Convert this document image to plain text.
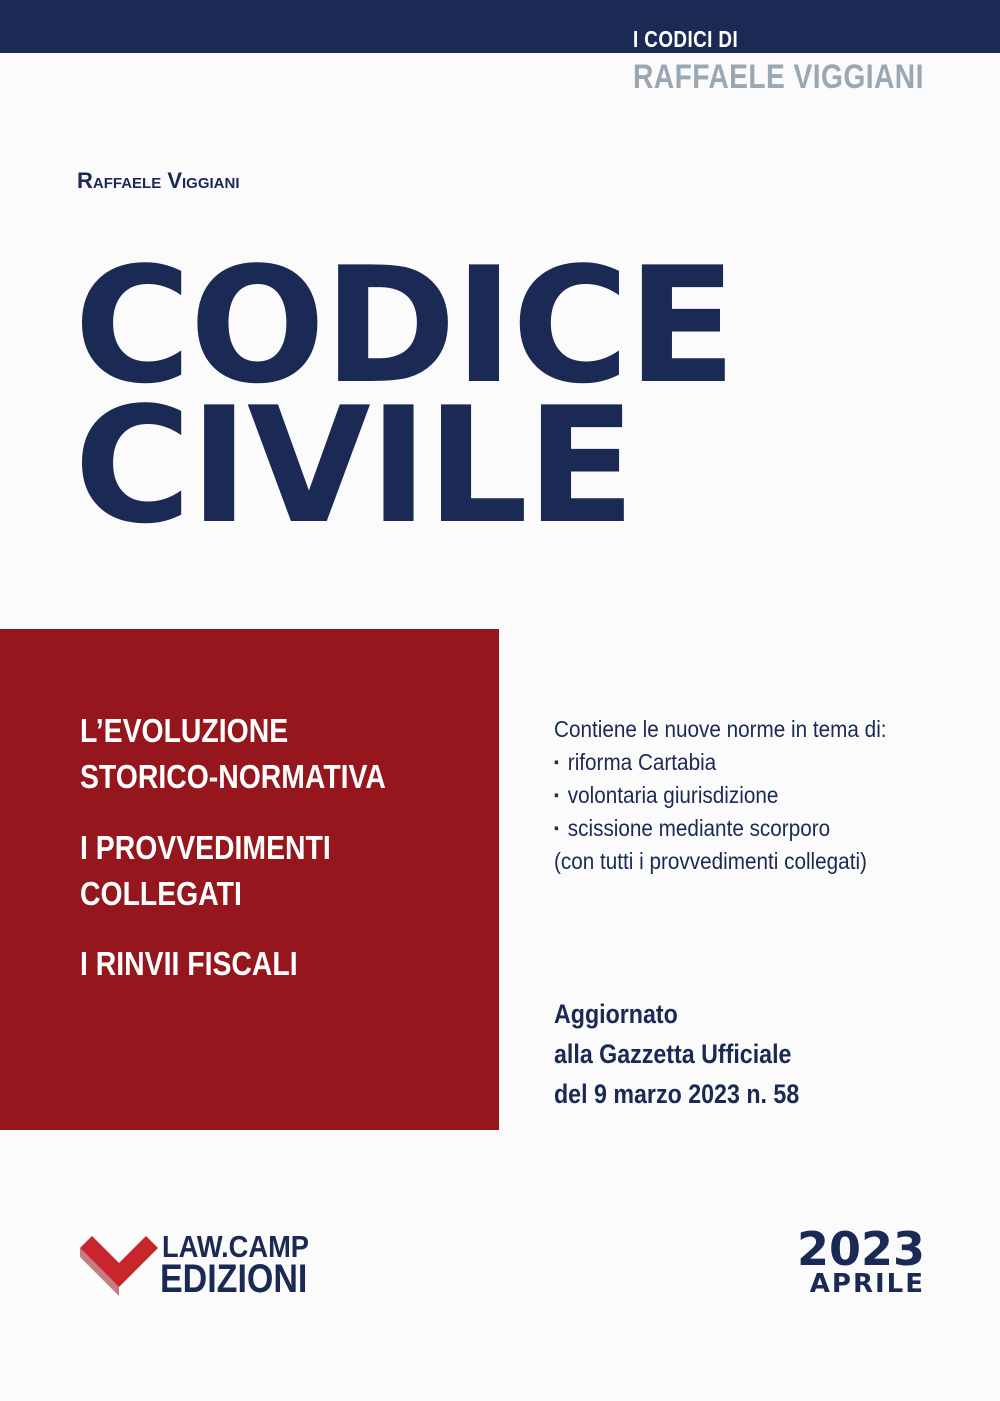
I CODICI DI

RAFFAELE VIGGIANI

Raffaele Viggiani

CODICE
CIVILE
L’EVOLUZIONE
STORICO-NORMATIVA
I PROVVEDIMENTI
COLLEGATI
I RINVII FISCALI
Contiene le nuove norme in tema di:
▪ riforma Cartabia
▪ volontaria giurisdizione
▪ scissione mediante scorporo
(con tutti i provvedimenti collegati)
Aggiornato
alla Gazzetta Ufficiale
del 9 marzo 2023 n. 58

LAW.CAMP

EDIZIONI

2023

APRILE
